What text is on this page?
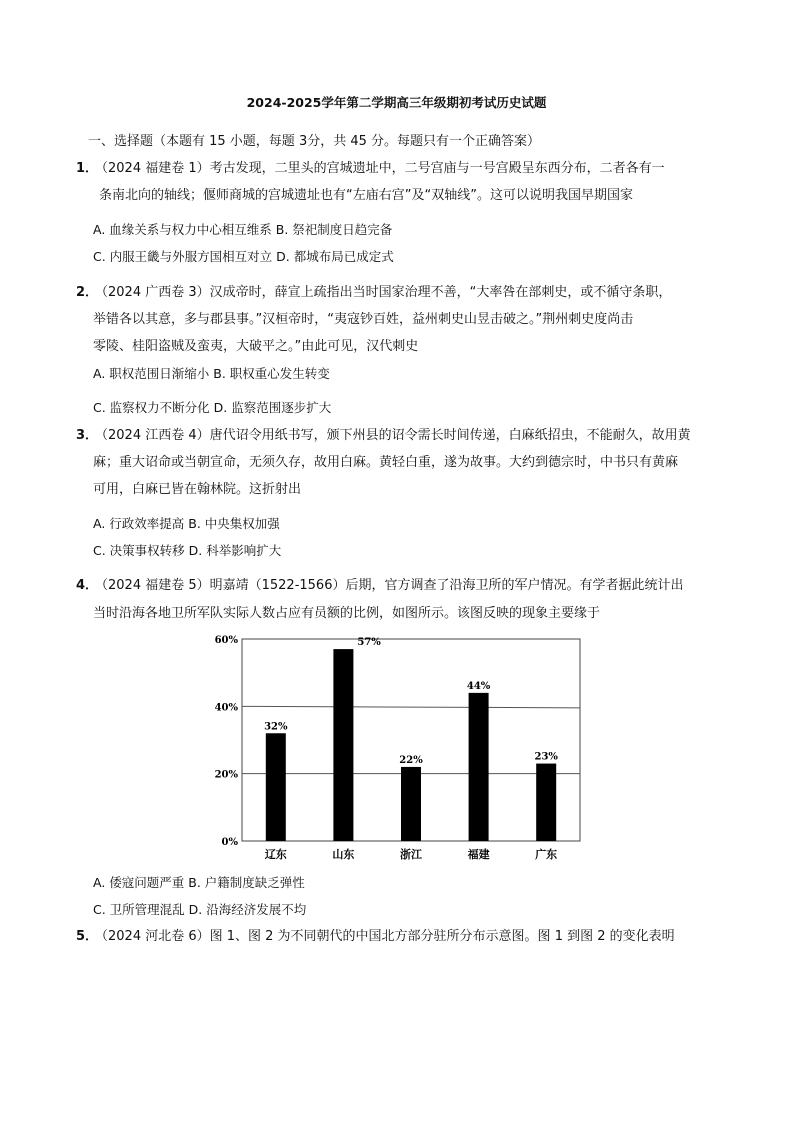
2024-2025学年第二学期高三年级期初考试历史试题
一、选择题（本题有 15 小题，每题 3分，共 45 分。每题只有一个正确答案）
1．
（2024 福建卷 1）考古发现，二里头的宫城遗址中，二号宫庙与一号宫殿呈东西分布，二者各有一
条南北向的轴线；偃师商城的宫城遗址也有“左庙右宫”及“双轴线”。这可以说明我国早期国家
A. 血缘关系与权力中心相互维系 B. 祭祀制度日趋完备
C. 内服王畿与外服方国相互对立 D. 都城布局已成定式
2．
（2024 广西卷 3）汉成帝时，薛宣上疏指出当时国家治理不善，“大率咎在部刺史，或不循守条职，
举错各以其意，多与郡县事。”汉桓帝时，“夷寇钞百姓，益州刺史山昱击破之。”荆州刺史度尚击
零陵、桂阳盗贼及蛮夷，大破平之。”由此可见，汉代刺史
A. 职权范围日渐缩小 B. 职权重心发生转变
C. 监察权力不断分化 D. 监察范围逐步扩大
3．
（2024 江西卷 4）唐代诏令用纸书写，颁下州县的诏令需长时间传递，白麻纸招虫，不能耐久，故用黄
麻；重大诏命或当朝宣命，无须久存，故用白麻。黄轻白重，遂为故事。大约到德宗时，中书只有黄麻
可用，白麻已皆在翰林院。这折射出
A. 行政效率提高 B. 中央集权加强
C. 决策事权转移 D. 科举影响扩大
4．
（2024 福建卷 5）明嘉靖（1522-1566）后期，官方调查了沿海卫所的军户情况。有学者据此统计出
当时沿海各地卫所军队实际人数占应有员额的比例，如图所示。该图反映的现象主要缘于
0%
20%
40%
60%
32%
辽东
57%
山东
22%
浙江
44%
福建
23%
广东
A. 倭寇问题严重 B. 户籍制度缺乏弹性
C. 卫所管理混乱 D. 沿海经济发展不均
5．
（2024 河北卷 6）图 1、图 2 为不同朝代的中国北方部分驻所分布示意图。图 1 到图 2 的变化表明
